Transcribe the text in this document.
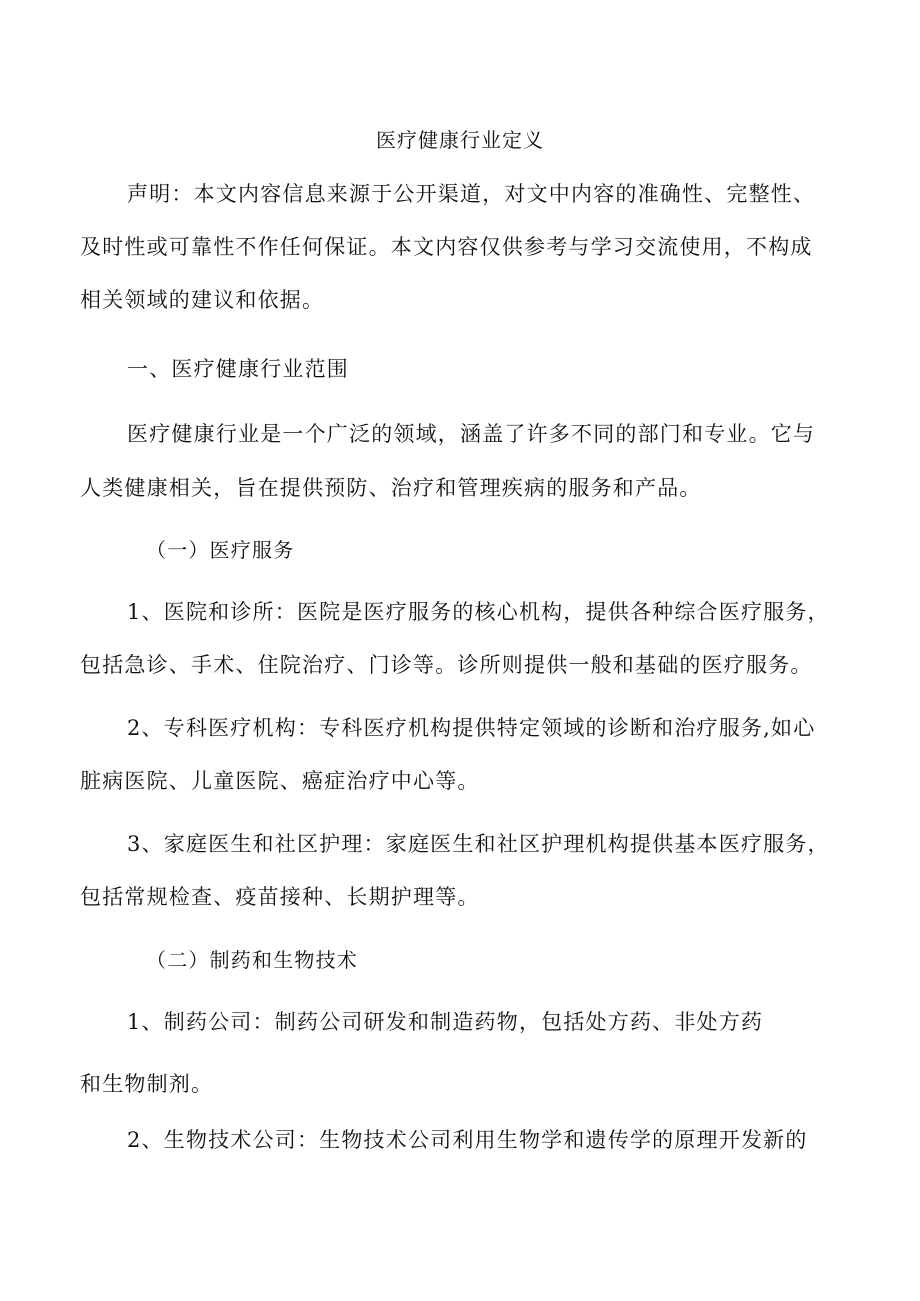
医疗健康行业定义
声明：本文内容信息来源于公开渠道，对文中内容的准确性、完整性、
及时性或可靠性不作任何保证。本文内容仅供参考与学习交流使用，不构成
相关领域的建议和依据。
一、医疗健康行业范围
医疗健康行业是一个广泛的领域，涵盖了许多不同的部门和专业。它与
人类健康相关，旨在提供预防、治疗和管理疾病的服务和产品。
（一）医疗服务
1、医院和诊所：医院是医疗服务的核心机构，提供各种综合医疗服务，
包括急诊、手术、住院治疗、门诊等。诊所则提供一般和基础的医疗服务。
2、专科医疗机构：专科医疗机构提供特定领域的诊断和治疗服务,如心
脏病医院、儿童医院、癌症治疗中心等。
3、家庭医生和社区护理：家庭医生和社区护理机构提供基本医疗服务，
包括常规检查、疫苗接种、长期护理等。
（二）制药和生物技术
1、制药公司：制药公司研发和制造药物，包括处方药、非处方药
和生物制剂。
2、生物技术公司：生物技术公司利用生物学和遗传学的原理开发新的
